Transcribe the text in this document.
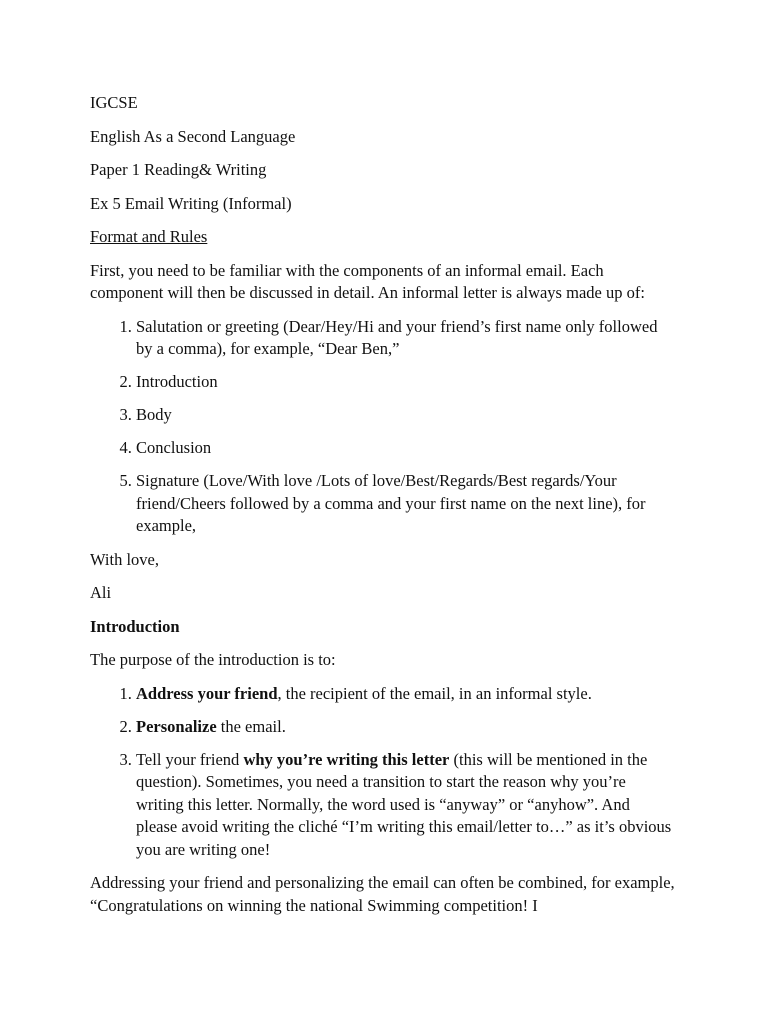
IGCSE

English As a Second Language

Paper 1 Reading& Writing

Ex 5 Email Writing (Informal)

Format and Rules

First, you need to be familiar with the components of an informal email. Each component will then be discussed in detail. An informal letter is always made up of:

1. Salutation or greeting (Dear/Hey/Hi and your friend’s first name only followed by a comma), for example, “Dear Ben,”
2. Introduction
3. Body
4. Conclusion
5. Signature (Love/With love /Lots of love/Best/Regards/Best regards/Your friend/Cheers followed by a comma and your first name on the next line), for example,

With love,

Ali

Introduction

The purpose of the introduction is to:

1. Address your friend, the recipient of the email, in an informal style.
2. Personalize the email.
3. Tell your friend why you’re writing this letter (this will be mentioned in the question). Sometimes, you need a transition to start the reason why you’re writing this letter. Normally, the word used is “anyway” or “anyhow”. And please avoid writing the cliché “I’m writing this email/letter to…” as it’s obvious you are writing one!

Addressing your friend and personalizing the email can often be combined, for example, “Congratulations on winning the national Swimming competition! I
